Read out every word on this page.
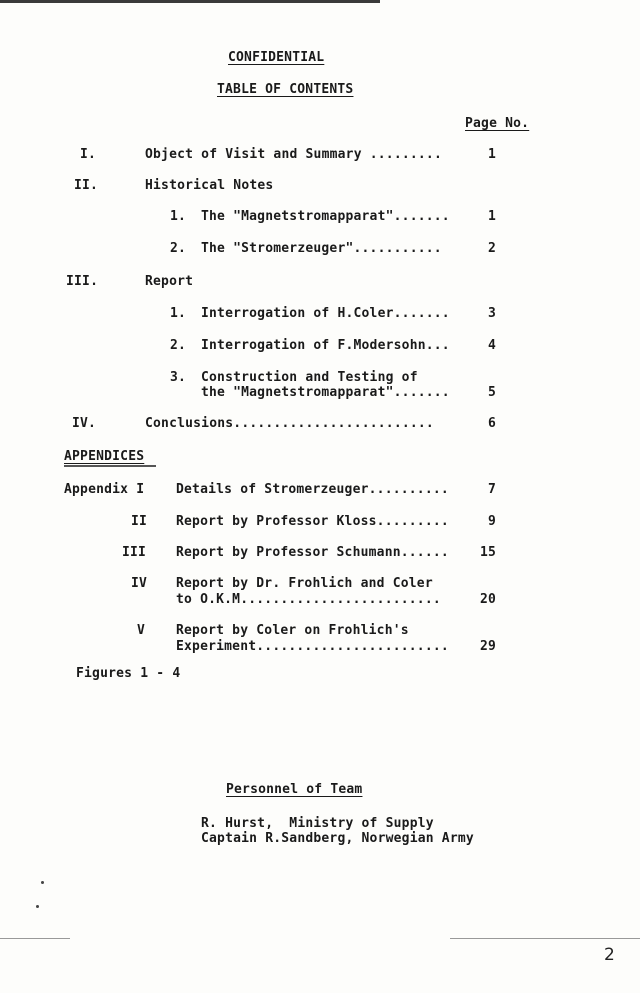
CONFIDENTIAL
TABLE OF CONTENTS
Page No.
I.	Object of Visit and Summary .........	1
II.	Historical Notes
1. The "Magnetstromapparat".......	1
2. The "Stromerzeuger"...........	2
III.	Report
1. Interrogation of H.Coler.......	3
2. Interrogation of F.Modersohn...	4
3. Construction and Testing of
the "Magnetstromapparat".......	5
IV.	Conclusions.........................	6
APPENDICES
Appendix I Details of Stromerzeuger..........	7
II Report by Professor Kloss.........	9
III Report by Professor Schumann...... 15
IV Report by Dr. Frohlich and Coler
to O.K.M.........................	20
V Report by Coler on Frohlich's
Experiment........................ 29
Figures 1 - 4
Personnel of Team
R. Hurst,  Ministry of Supply
Captain R.Sandberg, Norwegian Army
2
